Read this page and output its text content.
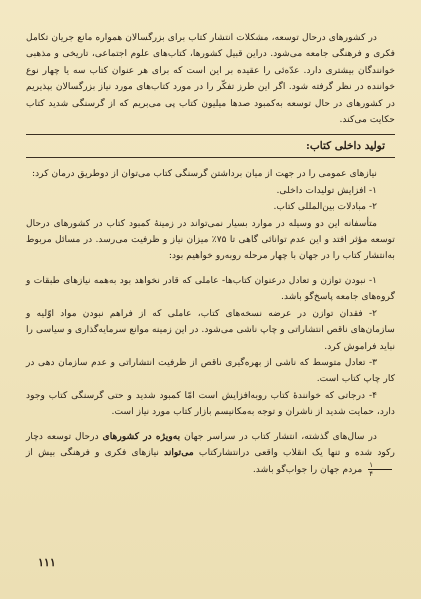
در کشورهای درحال توسعه، مشکلات انتشار کتاب برای بزرگسالان همواره مانع جریان تکامل فکری و فرهنگی جامعه می‌شود. دراین قبیل کشورها، کتاب‌های علوم اجتماعی، تاریخی و مذهبی خوانندگان بیشتری دارد. عدّه‌ئی را عقیده بر این است که برای هر عنوان کتاب سه یا چهار نوع خواننده در نظر گرفته شود. اگر این طرز تفکّر را در مورد کتاب‌های مورد نیاز بزرگسالان بپذیریم در کشورهای در حال توسعه به‌کمبود صدها میلیون کتاب پی می‌بریم که از گرسنگی شدید کتاب حکایت می‌کند.

تولید داخلی کتاب:

نیازهای عمومی را در جهت از میان برداشتن گرسنگی کتاب می‌توان از دوطریق درمان کرد:

۱- افزایش تولیدات داخلی.

۲- مبادلات بین‌المللی کتاب.

متأسفانه این دو وسیله در موارد بسیار نمی‌تواند در زمینهٔ کمبود کتاب در کشورهای درحال توسعه مؤثر افتد و این عدم توانائی گاهی تا ۷۵٪ میزان نیاز و ظرفیت می‌رسد. در مسائل مربوط به‌انتشار کتاب را در جهان با چهار مرحله روبه‌رو خواهیم بود:

۱- نبودن توازن و تعادل درعنوان کتاب‌ها- عاملی که قادر نخواهد بود به‌همه نیازهای طبقات و گروه‌های جامعه پاسخ‌گو باشد.

۲- فقدان توازن در عرضه نسخه‌های کتاب، عاملی که از فراهم نبودن مواد اوّلیه و سازمان‌های ناقص انتشاراتی و چاپ ناشی می‌شود. در این زمینه موانع سرمایه‌گذاری و سیاسی را نباید فراموش کرد.

۳- تعادل متوسط که ناشی از بهره‌گیری ناقص از ظرفیت انتشاراتی و عدم سازمان دهی در کار چاپ کتاب است.

۴- درجاتی که خوانندهٔ کتاب روبه‌افزایش است امّا کمبود شدید و حتی گرسنگی کتاب وجود دارد، حمایت شدید از ناشران و توجه به‌مکانیسم بازار کتاب مورد نیاز است.

در سال‌های گذشته، انتشار کتاب در سراسر جهان به‌ویژه در کشورهای درحال توسعه دچار رکود شده و تنها یک انقلاب واقعی درانتشارکتاب می‌تواند نیازهای فکری و فرهنگی بیش از
$\frac{۱}{۴}$
مردم جهان را جواب‌گو باشد.

۱۱۱
